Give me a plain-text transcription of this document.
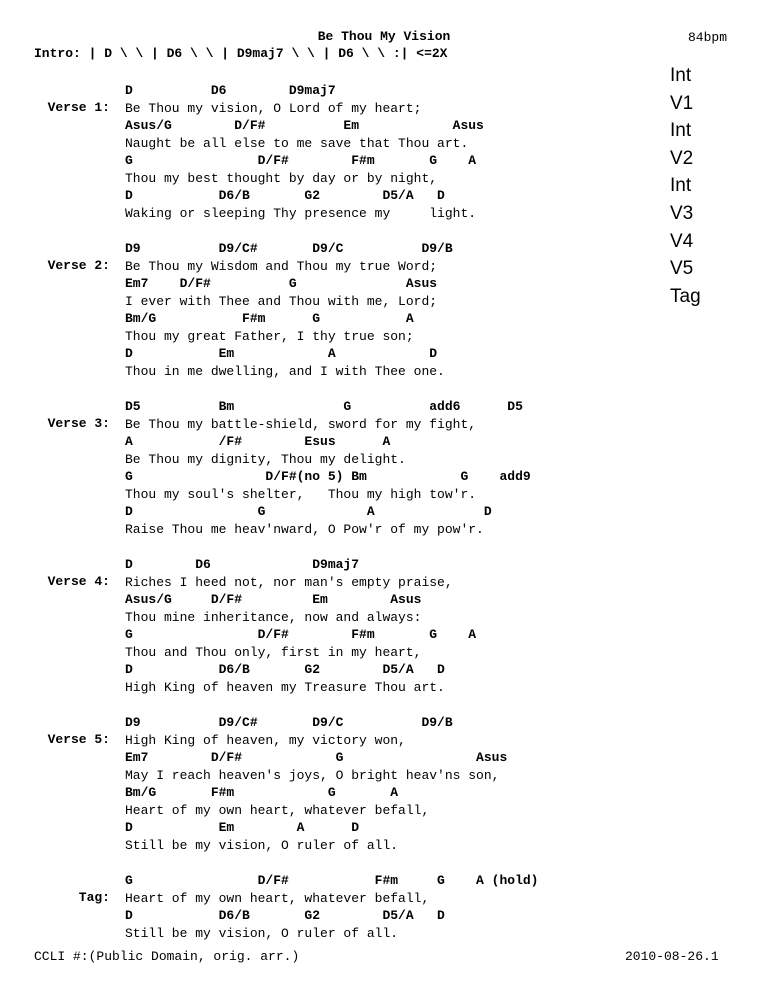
Be Thou My Vision	84bpm
Intro: | D \ \ | D6 \ \ | D9maj7 \ \ | D6 \ \ :| <=2X
Verse 1:
D          D6        D9maj7
Be Thou my vision, O Lord of my heart;
Asus/G        D/F#          Em            Asus
Naught be all else to me save that Thou art.
G                D/F#        F#m       G    A
Thou my best thought by day or by night,
D           D6/B       G2        D5/A   D
Waking or sleeping Thy presence my     light.
Verse 2:
D9          D9/C#       D9/C          D9/B
Be Thou my Wisdom and Thou my true Word;
Em7    D/F#          G              Asus
I ever with Thee and Thou with me, Lord;
Bm/G           F#m      G           A
Thou my great Father, I thy true son;
D           Em            A            D
Thou in me dwelling, and I with Thee one.
Verse 3:
D5          Bm              G          add6      D5
Be Thou my battle-shield, sword for my fight,
A           /F#        Esus      A
Be Thou my dignity, Thou my delight.
G                 D/F#(no 5) Bm            G    add9
Thou my soul's shelter,   Thou my high tow'r.
D                G             A              D
Raise Thou me heav'nward, O Pow'r of my pow'r.
Verse 4:
D        D6             D9maj7
Riches I heed not, nor man's empty praise,
Asus/G     D/F#         Em        Asus
Thou mine inheritance, now and always:
G                D/F#        F#m       G    A
Thou and Thou only, first in my heart,
D           D6/B       G2        D5/A   D
High King of heaven my Treasure Thou art.
Verse 5:
D9          D9/C#       D9/C          D9/B
High King of heaven, my victory won,
Em7        D/F#            G                 Asus
May I reach heaven's joys, O bright heav'ns son,
Bm/G       F#m            G       A
Heart of my own heart, whatever befall,
D           Em        A      D
Still be my vision, O ruler of all.
Tag:
G                D/F#           F#m     G    A (hold)
Heart of my own heart, whatever befall,
D           D6/B       G2        D5/A   D
Still be my vision, O ruler of all.
Int
V1
Int
V2
Int
V3
V4
V5
Tag
CCLI #:(Public Domain, orig. arr.)	2010-08-26.1
